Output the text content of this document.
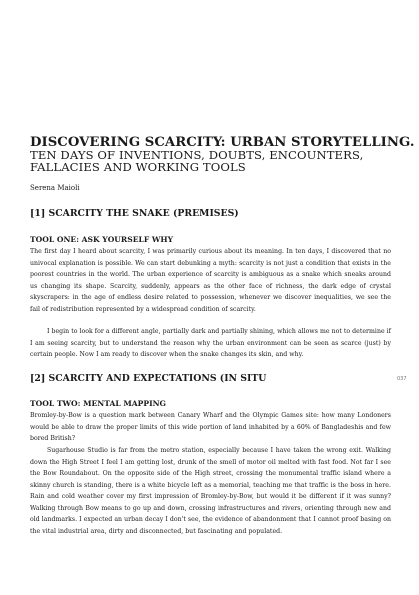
DISCOVERING SCARCITY: URBAN STORYTELLING.
TEN DAYS OF INVENTIONS, DOUBTS, ENCOUNTERS,
FALLACIES AND WORKING TOOLS
Serena Maioli
[1] SCARCITY THE SNAKE (PREMISES)
TOOL ONE: ASK YOURSELF WHY
The first day I heard about scarcity, I was primarily curious about its meaning. In ten days, I discovered that no univocal explanation is possible. We can start debunking a myth: scarcity is not just a condition that exists in the poorest countries in the world. The urban experience of scarcity is ambiguous as a snake which sneaks around us changing its shape. Scarcity, suddenly, appears as the other face of richness, the dark edge of crystal skyscrapers: in the age of endless desire related to possession, whenever we discover inequalities, we see the fail of redistribution represented by a widespread condition of scarcity.
I begin to look for a different angle, partially dark and partially shining, which allows me not to determine if I am seeing scarcity, but to understand the reason why the urban environment can be seen as scarce (just) by certain people. Now I am ready to discover when the snake changes its skin, and why.
[2] SCARCITY AND EXPECTATIONS (IN SITU
TOOL TWO: MENTAL MAPPING
Bromley-by-Bow is a question mark between Canary Wharf and the Olympic Games site: how many Londoners would be able to draw the proper limits of this wide portion of land inhabited by a 60% of Bangladeshis and few bored British?
Sugarhouse Studio is far from the metro station, especially because I have taken the wrong exit. Walking down the High Street I feel I am getting lost, drunk of the smell of motor oil melted with fast food. Not far I see the Bow Roundabout. On the opposite side of the High street, crossing the monumental traffic island where a skinny church is standing, there is a white bicycle left as a memorial, teaching me that traffic is the boss in here. Rain and cold weather cover my first impression of Bromley-by-Bow, but would it be different if it was sunny? Walking through Bow means to go up and down, crossing infrastructures and rivers, orienting through new and old landmarks. I expected an urban decay I don't see, the evidence of abandonment that I cannot proof basing on the vital industrial area, dirty and disconnected, but fascinating and populated.
037
